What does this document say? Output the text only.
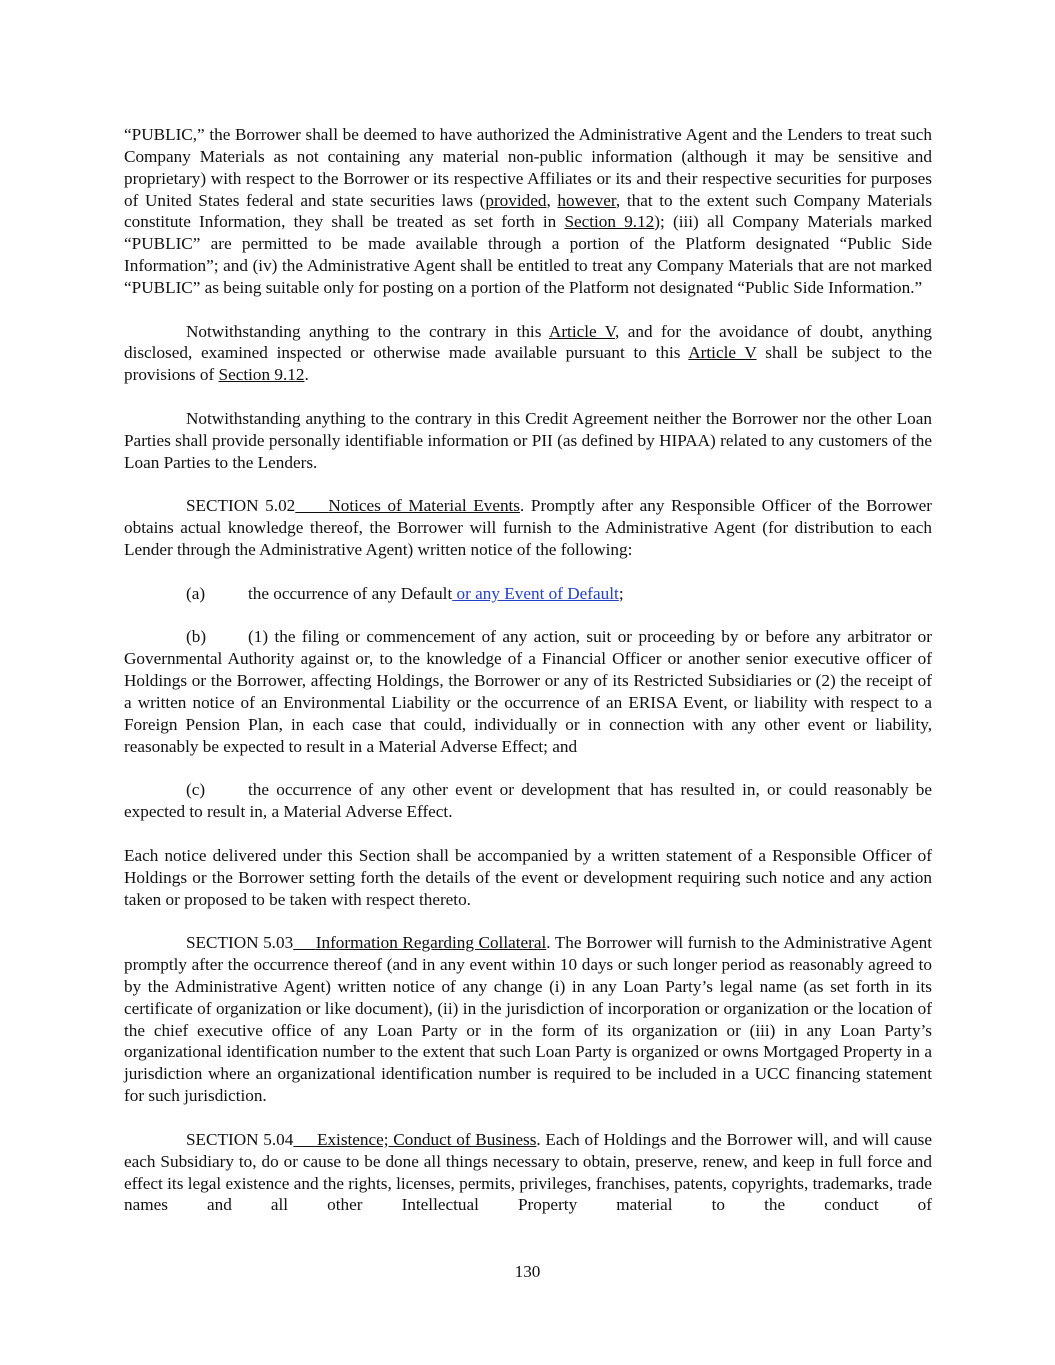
“PUBLIC,” the Borrower shall be deemed to have authorized the Administrative Agent and the Lenders to treat such Company Materials as not containing any material non-public information (although it may be sensitive and proprietary) with respect to the Borrower or its respective Affiliates or its and their respective securities for purposes of United States federal and state securities laws (provided, however, that to the extent such Company Materials constitute Information, they shall be treated as set forth in Section 9.12); (iii) all Company Materials marked “PUBLIC” are permitted to be made available through a portion of the Platform designated “Public Side Information”; and (iv) the Administrative Agent shall be entitled to treat any Company Materials that are not marked “PUBLIC” as being suitable only for posting on a portion of the Platform not designated “Public Side Information.”

Notwithstanding anything to the contrary in this Article V, and for the avoidance of doubt, anything disclosed, examined inspected or otherwise made available pursuant to this Article V shall be subject to the provisions of Section 9.12.

Notwithstanding anything to the contrary in this Credit Agreement neither the Borrower nor the other Loan Parties shall provide personally identifiable information or PII (as defined by HIPAA) related to any customers of the Loan Parties to the Lenders.

SECTION 5.02 Notices of Material Events. Promptly after any Responsible Officer of the Borrower obtains actual knowledge thereof, the Borrower will furnish to the Administrative Agent (for distribution to each Lender through the Administrative Agent) written notice of the following:

(a) the occurrence of any Default or any Event of Default;

(b) (1) the filing or commencement of any action, suit or proceeding by or before any arbitrator or Governmental Authority against or, to the knowledge of a Financial Officer or another senior executive officer of Holdings or the Borrower, affecting Holdings, the Borrower or any of its Restricted Subsidiaries or (2) the receipt of a written notice of an Environmental Liability or the occurrence of an ERISA Event, or liability with respect to a Foreign Pension Plan, in each case that could, individually or in connection with any other event or liability, reasonably be expected to result in a Material Adverse Effect; and

(c) the occurrence of any other event or development that has resulted in, or could reasonably be expected to result in, a Material Adverse Effect.

Each notice delivered under this Section shall be accompanied by a written statement of a Responsible Officer of Holdings or the Borrower setting forth the details of the event or development requiring such notice and any action taken or proposed to be taken with respect thereto.

SECTION 5.03 Information Regarding Collateral. The Borrower will furnish to the Administrative Agent promptly after the occurrence thereof (and in any event within 10 days or such longer period as reasonably agreed to by the Administrative Agent) written notice of any change (i) in any Loan Party’s legal name (as set forth in its certificate of organization or like document), (ii) in the jurisdiction of incorporation or organization or the location of the chief executive office of any Loan Party or in the form of its organization or (iii) in any Loan Party’s organizational identification number to the extent that such Loan Party is organized or owns Mortgaged Property in a jurisdiction where an organizational identification number is required to be included in a UCC financing statement for such jurisdiction.

SECTION 5.04 Existence; Conduct of Business. Each of Holdings and the Borrower will, and will cause each Subsidiary to, do or cause to be done all things necessary to obtain, preserve, renew, and keep in full force and effect its legal existence and the rights, licenses, permits, privileges, franchises, patents, copyrights, trademarks, trade names and all other Intellectual Property material to the conduct of

130
